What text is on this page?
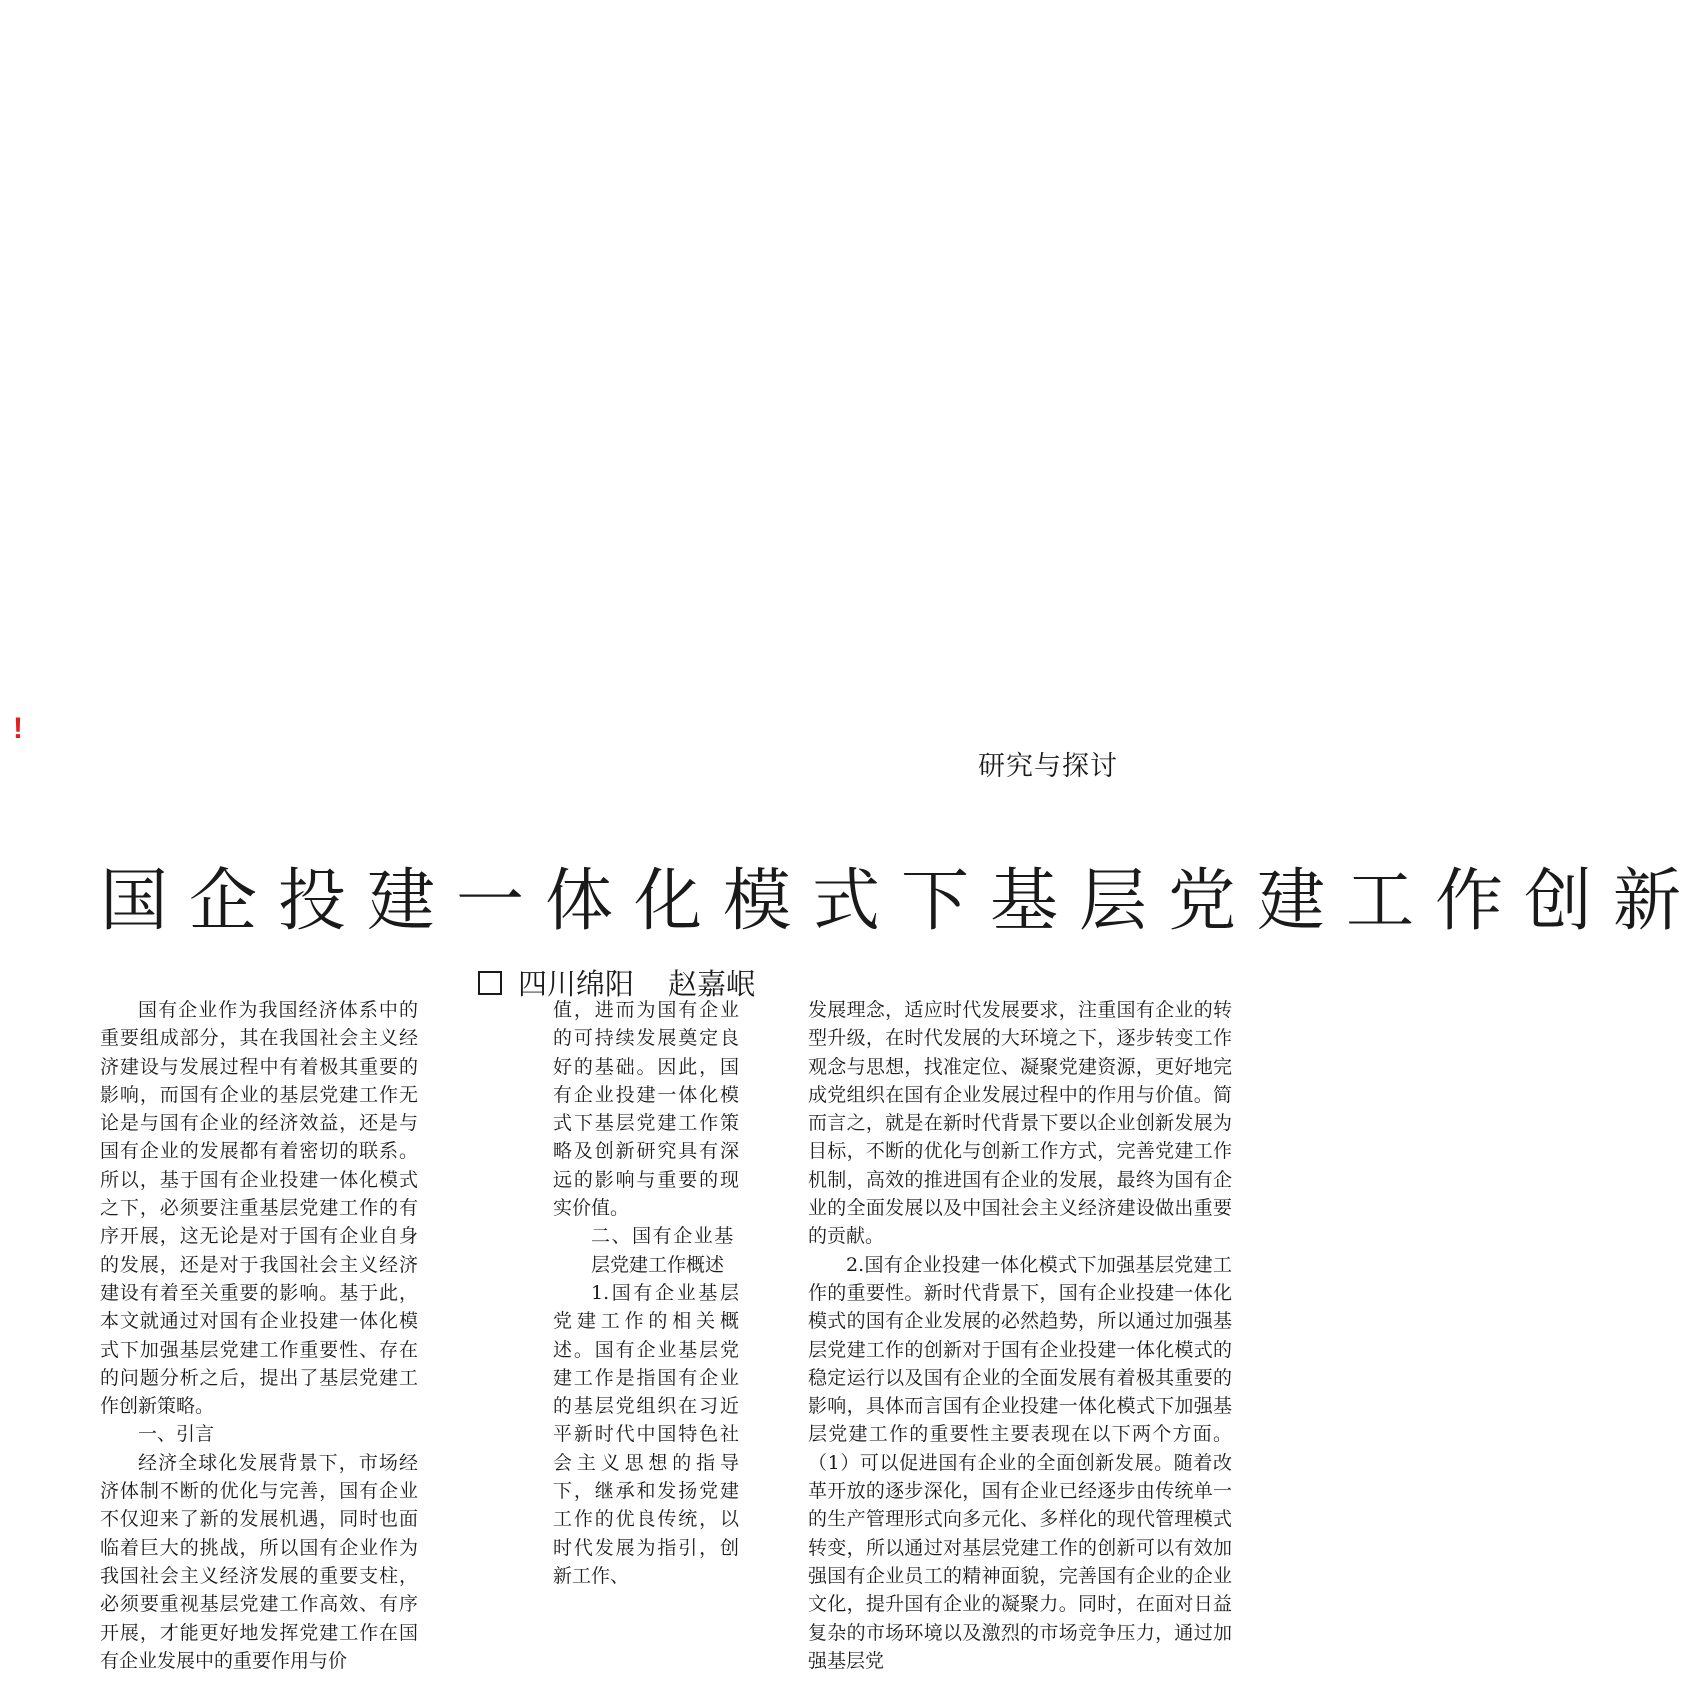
!
研究与探讨
国企投建一体化模式下基层党建工作创新
四川绵阳 赵嘉岷

国有企业作为我国经济体系中的重要组成部分，其在我国社会主义经济建设与发展过程中有着极其重要的影响，而国有企业的基层党建工作无论是与国有企业的经济效益，还是与国有企业的发展都有着密切的联系。所以，基于国有企业投建一体化模式之下，必须要注重基层党建工作的有序开展，这无论是对于国有企业自身的发展，还是对于我国社会主义经济建设有着至关重要的影响。基于此，本文就通过对国有企业投建一体化模式下加强基层党建工作重要性、存在的问题分析之后，提出了基层党建工作创新策略。

一、引言

经济全球化发展背景下，市场经济体制不断的优化与完善，国有企业不仅迎来了新的发展机遇，同时也面临着巨大的挑战，所以国有企业作为我国社会主义经济发展的重要支柱，必须要重视基层党建工作高效、有序开展，才能更好地发挥党建工作在国有企业发展中的重要作用与价

值，进而为国有企业的可持续发展奠定良好的基础。因此，国有企业投建一体化模式下基层党建工作策略及创新研究具有深远的影响与重要的现实价值。

二、国有企业基层党建工作概述

1.国有企业基层党建工作的相关概述。国有企业基层党建工作是指国有企业的基层党组织在习近平新时代中国特色社会主义思想的指导下，继承和发扬党建工作的优良传统，以时代发展为指引，创新工作、

发展理念，适应时代发展要求，注重国有企业的转型升级，在时代发展的大环境之下，逐步转变工作观念与思想，找准定位、凝聚党建资源，更好地完成党组织在国有企业发展过程中的作用与价值。简而言之，就是在新时代背景下要以企业创新发展为目标，不断的优化与创新工作方式，完善党建工作机制，高效的推进国有企业的发展，最终为国有企业的全面发展以及中国社会主义经济建设做出重要的贡献。

2.国有企业投建一体化模式下加强基层党建工作的重要性。新时代背景下，国有企业投建一体化模式的国有企业发展的必然趋势，所以通过加强基层党建工作的创新对于国有企业投建一体化模式的稳定运行以及国有企业的全面发展有着极其重要的影响，具体而言国有企业投建一体化模式下加强基层党建工作的重要性主要表现在以下两个方面。（1）可以促进国有企业的全面创新发展。随着改革开放的逐步深化，国有企业已经逐步由传统单一的生产管理形式向多元化、多样化的现代管理模式转变，所以通过对基层党建工作的创新可以有效加强国有企业员工的精神面貌，完善国有企业的企业文化，提升国有企业的凝聚力。同时，在面对日益复杂的市场环境以及激烈的市场竞争压力，通过加强基层党
